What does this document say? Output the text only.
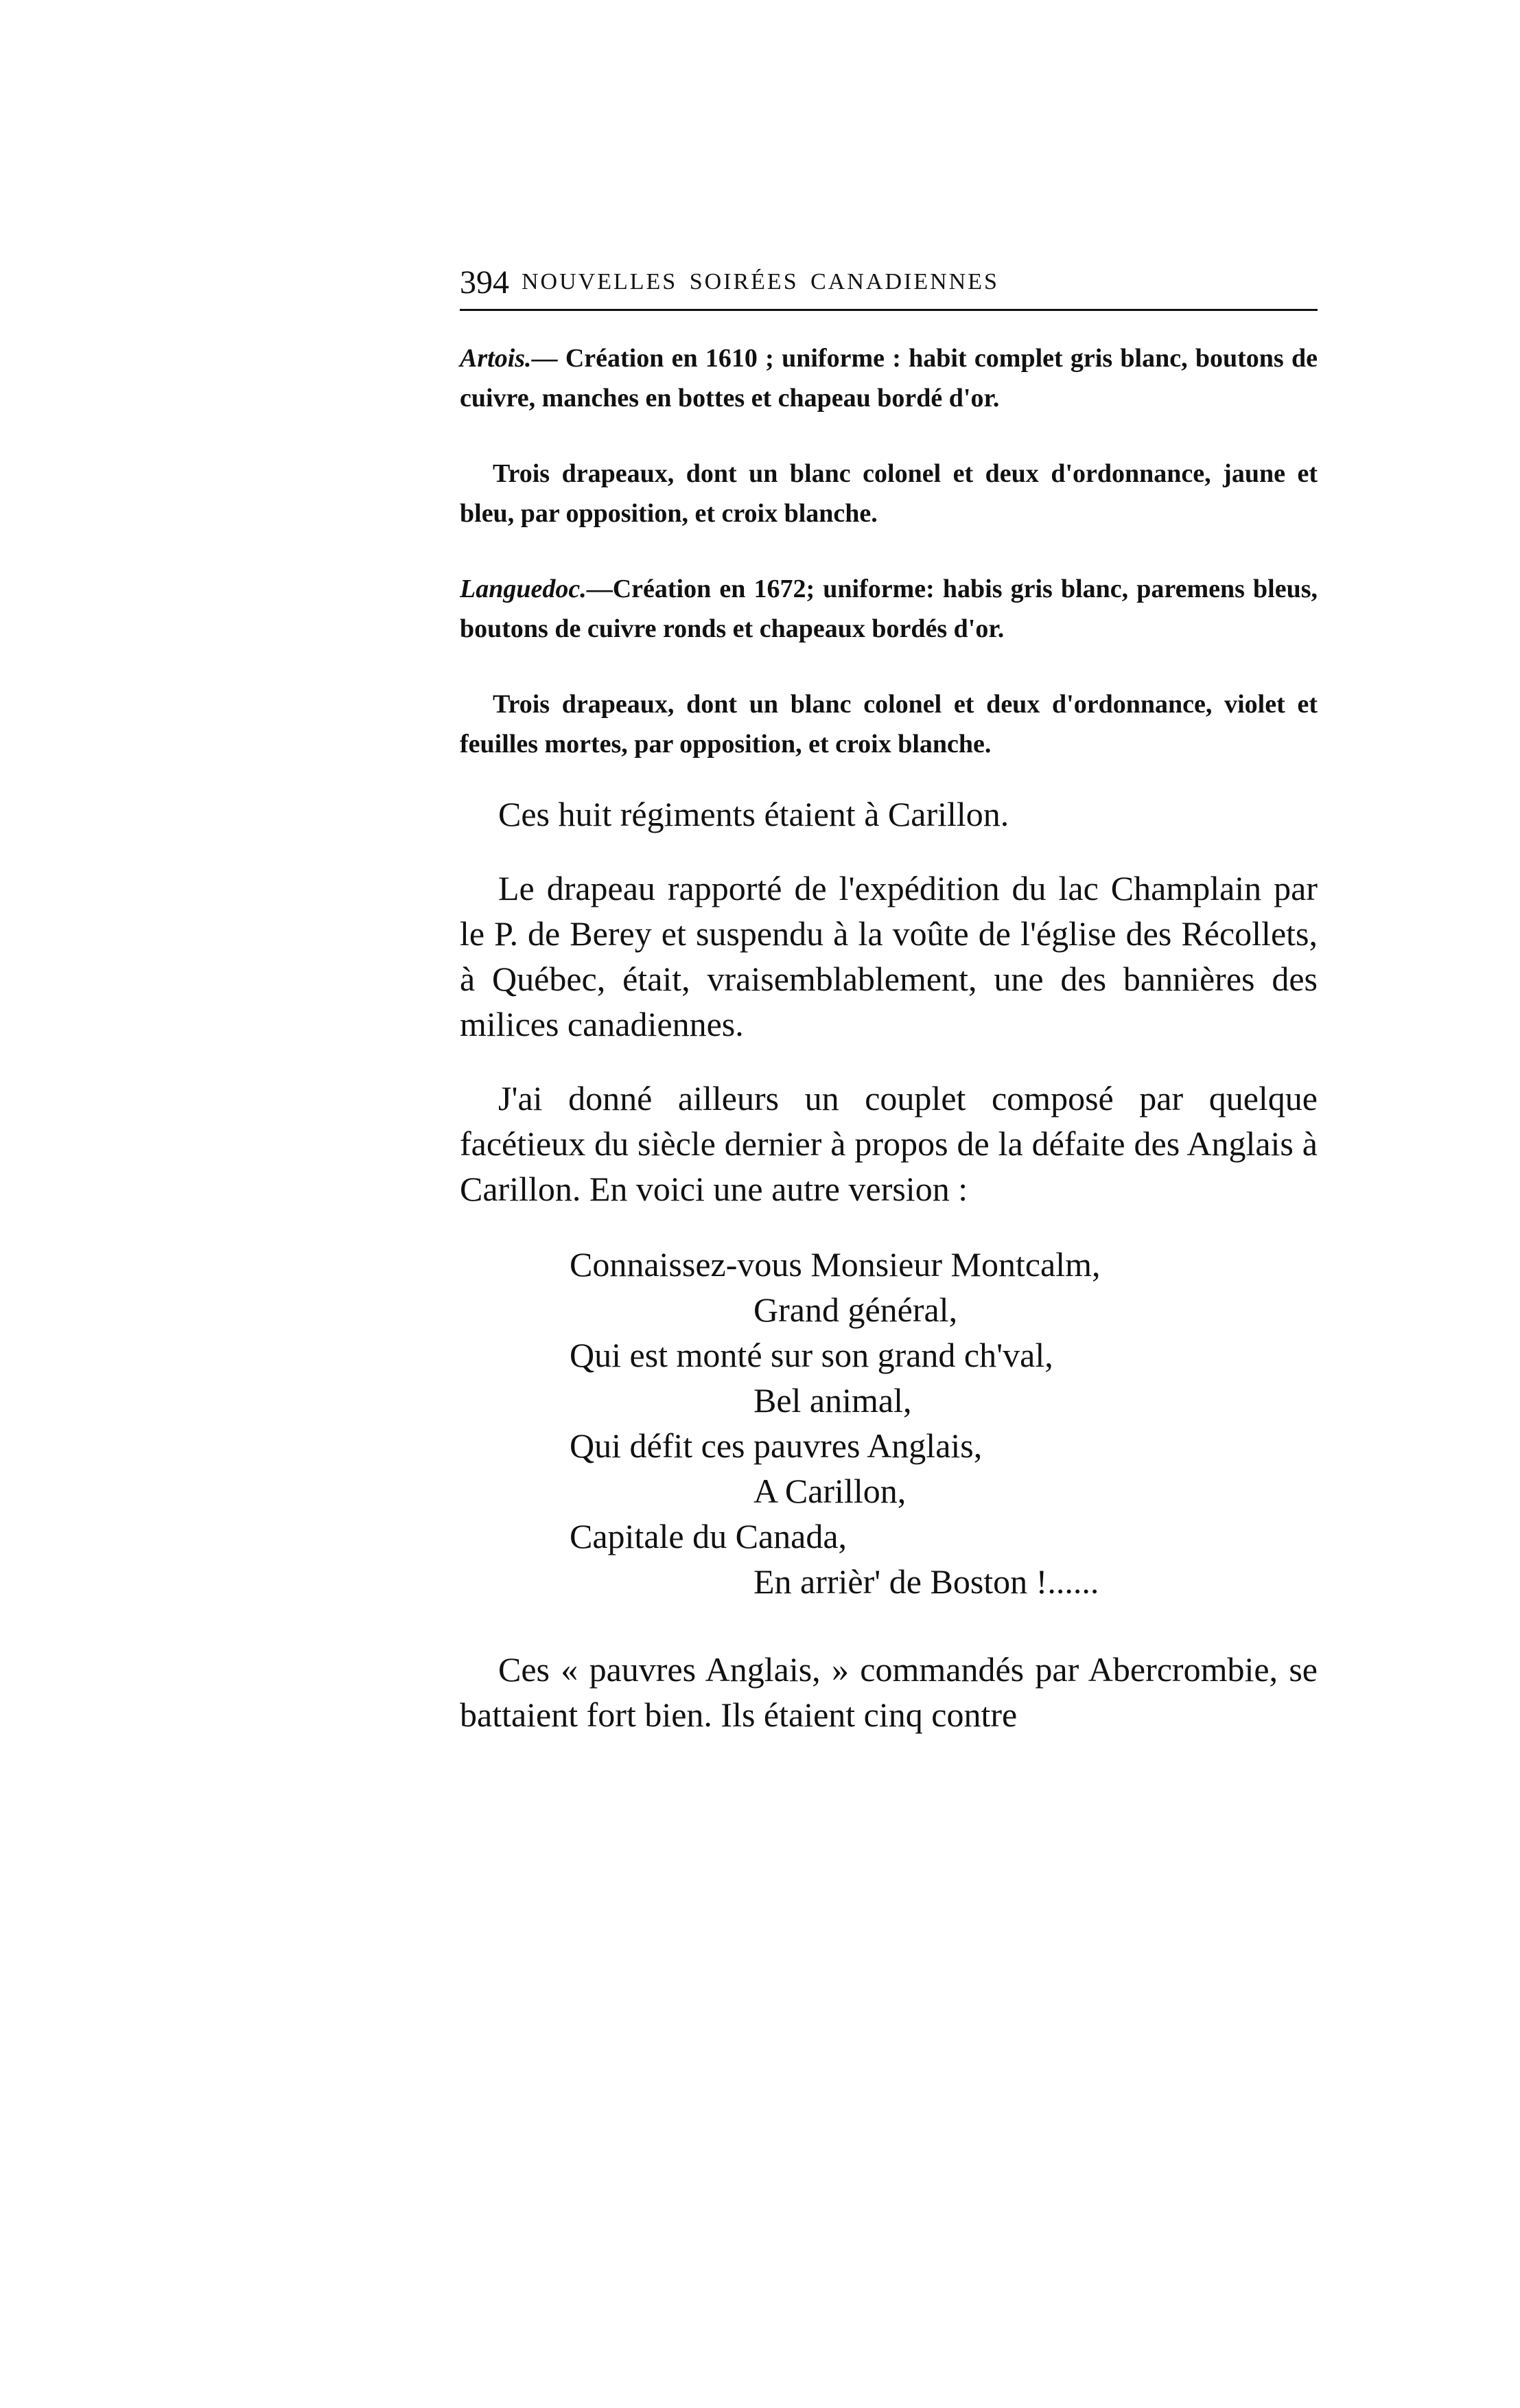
394 NOUVELLES SOIRÉES CANADIENNES

Artois.— Création en 1610 ; uniforme : habit complet gris blanc, boutons de cuivre, manches en bottes et chapeau bordé d'or.

Trois drapeaux, dont un blanc colonel et deux d'ordonnance, jaune et bleu, par opposition, et croix blanche.

Languedoc.—Création en 1672; uniforme: habis gris blanc, paremens bleus, boutons de cuivre ronds et chapeaux bordés d'or.

Trois drapeaux, dont un blanc colonel et deux d'ordonnance, violet et feuilles mortes, par opposition, et croix blanche.

Ces huit régiments étaient à Carillon.

Le drapeau rapporté de l'expédition du lac Champlain par le P. de Berey et suspendu à la voûte de l'église des Récollets, à Québec, était, vraisemblablement, une des bannières des milices canadiennes.

J'ai donné ailleurs un couplet composé par quelque facétieux du siècle dernier à propos de la défaite des Anglais à Carillon. En voici une autre version :

Connaissez-vous Monsieur Montcalm,

Grand général,

Qui est monté sur son grand ch'val,

Bel animal,

Qui défit ces pauvres Anglais,

A Carillon,

Capitale du Canada,

En arrièr' de Boston !......

Ces « pauvres Anglais, » commandés par Abercrombie, se battaient fort bien. Ils étaient cinq contre
